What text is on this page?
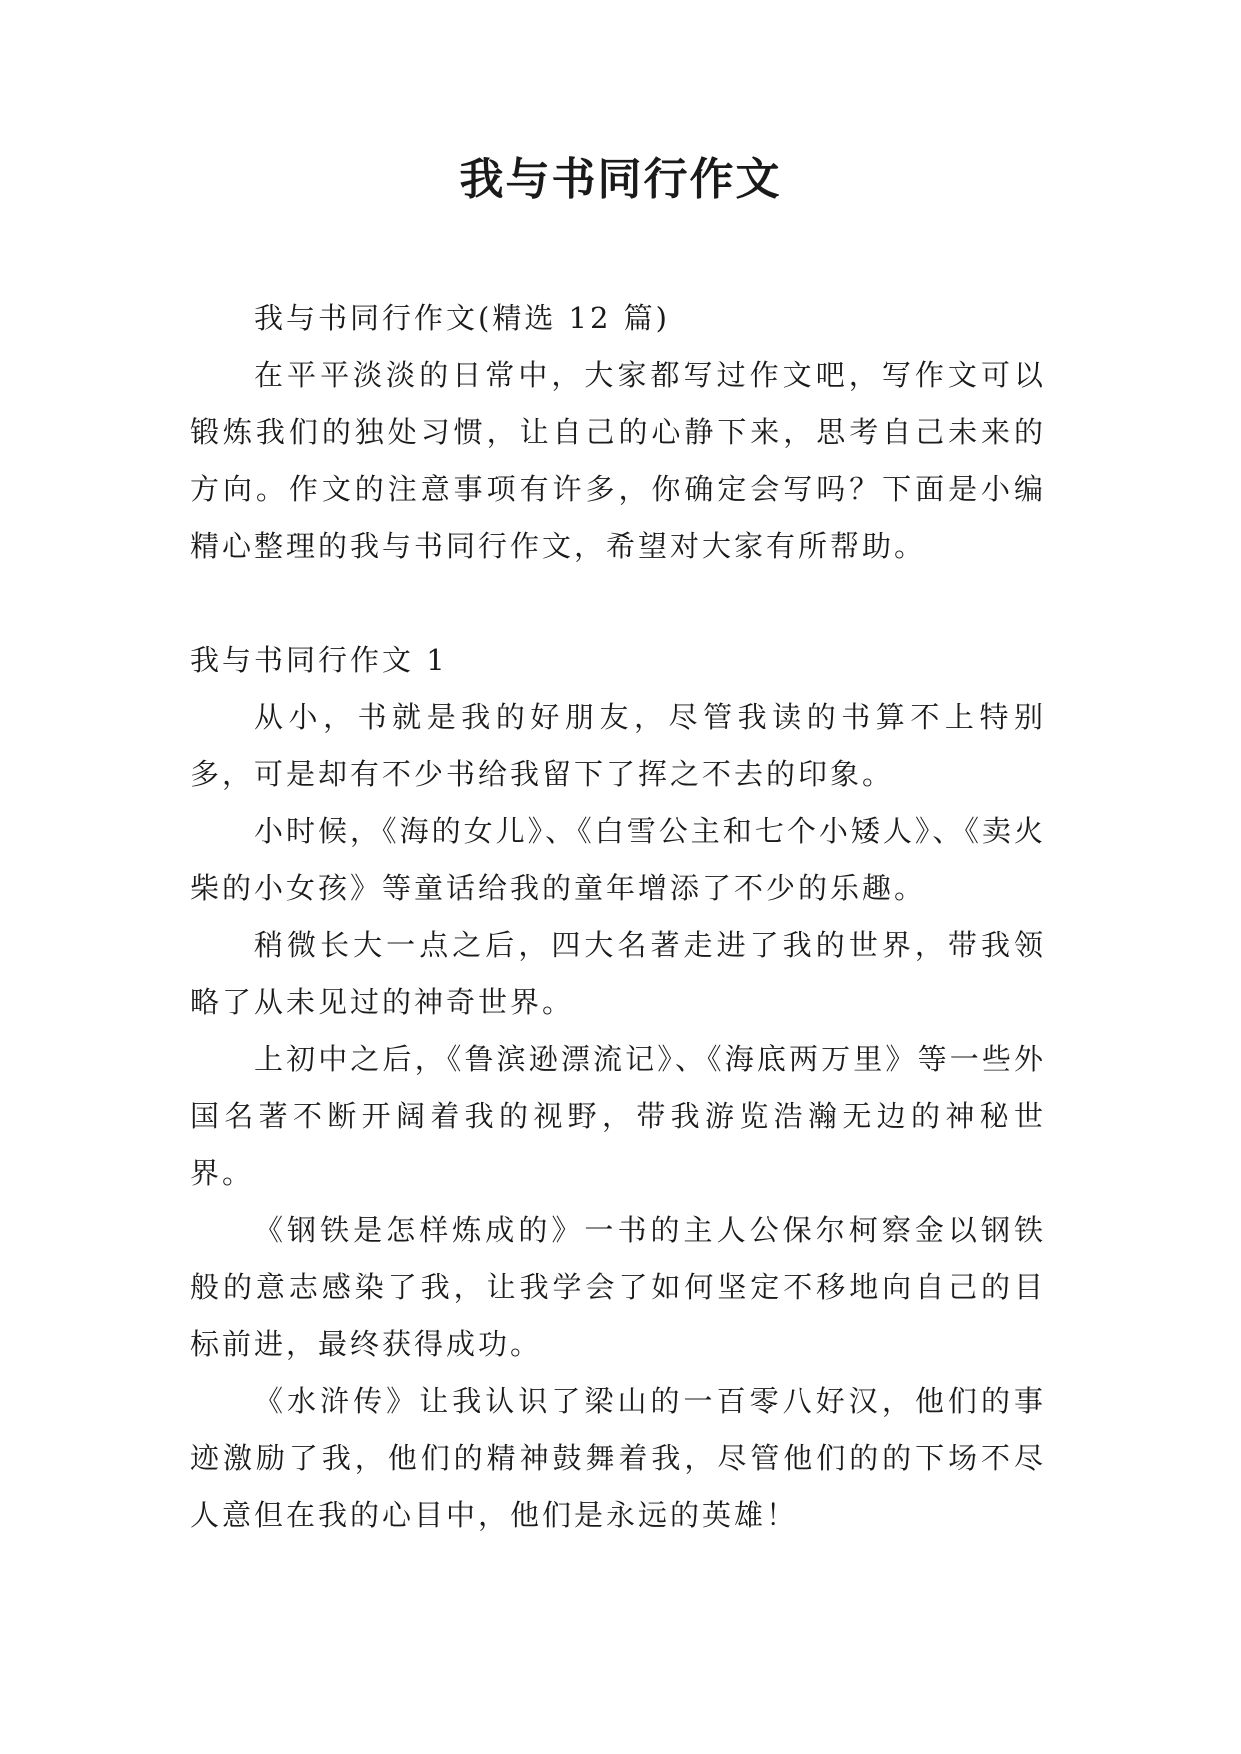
我与书同行作文

我与书同行作文(精选 12 篇)

在平平淡淡的日常中，大家都写过作文吧，写作文可以锻炼我们的独处习惯，让自己的心静下来，思考自己未来的方向。作文的注意事项有许多，你确定会写吗？下面是小编精心整理的我与书同行作文，希望对大家有所帮助。

我与书同行作文 1

从小，书就是我的好朋友，尽管我读的书算不上特别多，可是却有不少书给我留下了挥之不去的印象。

小时候，《海的女儿》、《白雪公主和七个小矮人》、《卖火柴的小女孩》等童话给我的童年增添了不少的乐趣。

稍微长大一点之后，四大名著走进了我的世界，带我领略了从未见过的神奇世界。

上初中之后，《鲁滨逊漂流记》、《海底两万里》等一些外国名著不断开阔着我的视野，带我游览浩瀚无边的神秘世界。

《钢铁是怎样炼成的》一书的主人公保尔柯察金以钢铁般的意志感染了我，让我学会了如何坚定不移地向自己的目标前进，最终获得成功。

《水浒传》让我认识了梁山的一百零八好汉，他们的事迹激励了我，他们的精神鼓舞着我，尽管他们的的下场不尽人意但在我的心目中，他们是永远的英雄！
